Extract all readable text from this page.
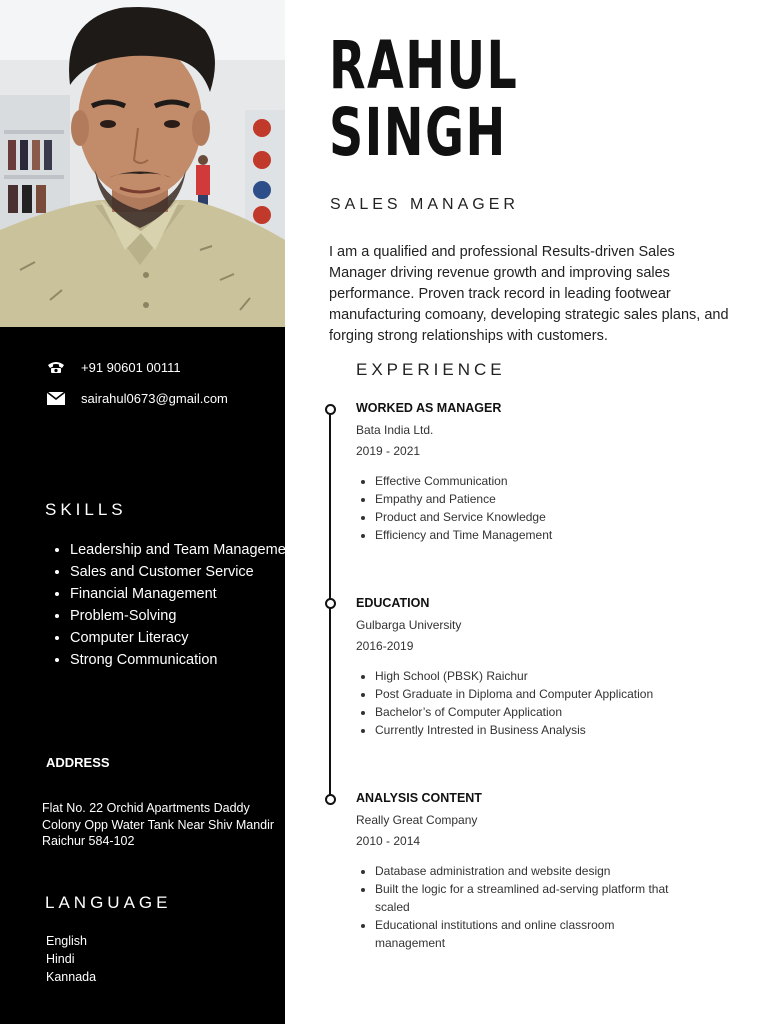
+91 90601 00111
sairahul0673@gmail.com
SKILLS
• Leadership and Team Management
• Sales and Customer Service
• Financial Management
• Problem-Solving
• Computer Literacy
• Strong Communication
ADDRESS
Flat No. 22 Orchid Apartments Daddy
Colony Opp Water Tank Near Shiv Mandir
Raichur 584-102
LANGUAGE
English
Hindi
Kannada
RAHUL
SINGH
SALES MANAGER
I am a qualified and professional Results-driven Sales Manager driving revenue growth and improving sales performance. Proven track record in leading footwear manufacturing comoany, developing strategic sales plans, and forging strong relationships with customers.
EXPERIENCE
WORKED AS MANAGER
Bata India Ltd.
2019 - 2021
• Effective Communication
• Empathy and Patience
• Product and Service Knowledge
• Efficiency and Time Management
EDUCATION
Gulbarga University
2016-2019
• High School (PBSK) Raichur
• Post Graduate in Diploma and Computer Application
• Bachelor’s of Computer Application
• Currently Intrested in Business Analysis
ANALYSIS CONTENT
Really Great Company
2010 - 2014
• Database administration and website design
• Built the logic for a streamlined ad-serving platform that scaled
• Educational institutions and online classroom management
